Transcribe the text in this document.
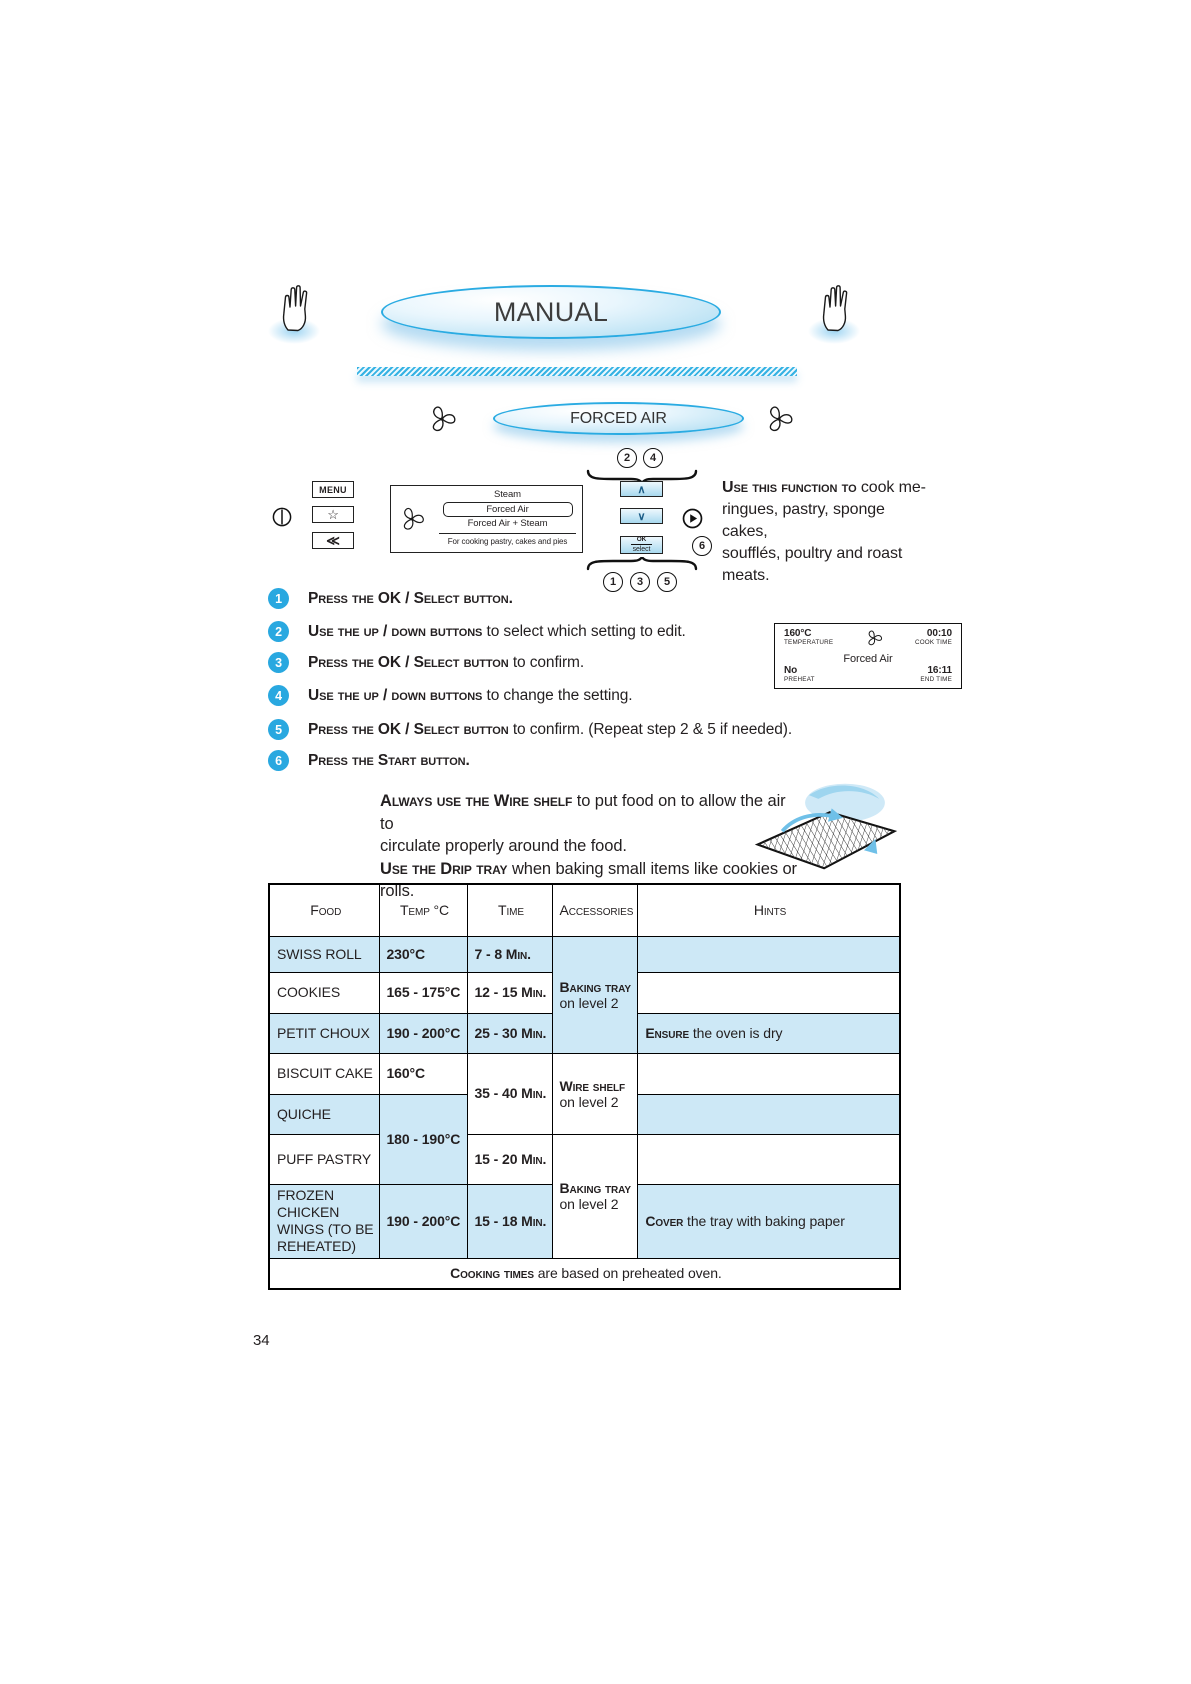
MANUAL
FORCED AIR
MENU
☆
≪
Steam
Forced Air
Forced Air + Steam
For cooking pastry, cakes and pies
2 4
∧
∨
OK
select	6
1 3 5
Use this function to cook me-
ringues, pastry, sponge cakes,
soufflés, poultry and roast meats.
1	Press the OK / Select button.
2	Use the up / down buttons to select which setting to edit.
3	Press the OK / Select button to confirm.
4	Use the up / down buttons to change the setting.
5	Press the OK / Select button to confirm. (Repeat step 2 & 5 if needed).
6	Press the Start button.
160°C
TEMPERATURE
00:10
COOK TIME
Forced Air
No
PREHEAT
16:11
END TIME
Always use the Wire shelf to put food on to allow the air to
circulate properly around the food.
Use the Drip tray when baking small items like cookies or
rolls.
Food	Temp °C	Time	Accessories	Hints
SWISS ROLL	230°C	7 - 8 Min.	Baking tray
on level 2	

COOKIES	165 - 175°C	12 - 15 Min.		
PETIT CHOUX	190 - 200°C	25 - 30 Min.		Ensure the oven is dry
BISCUIT CAKE	160°C	35 - 40 Min.	Wire shelf
on level 2	

QUICHE	180 - 190°C			
PUFF PASTRY		15 - 20 Min.	Baking tray
on level 2	

FROZEN CHICKEN WINGS (TO BE REHEATED)	190 - 200°C	15 - 18 Min.		Cover the tray with baking paper
Cooking times are based on preheated oven.				
34
